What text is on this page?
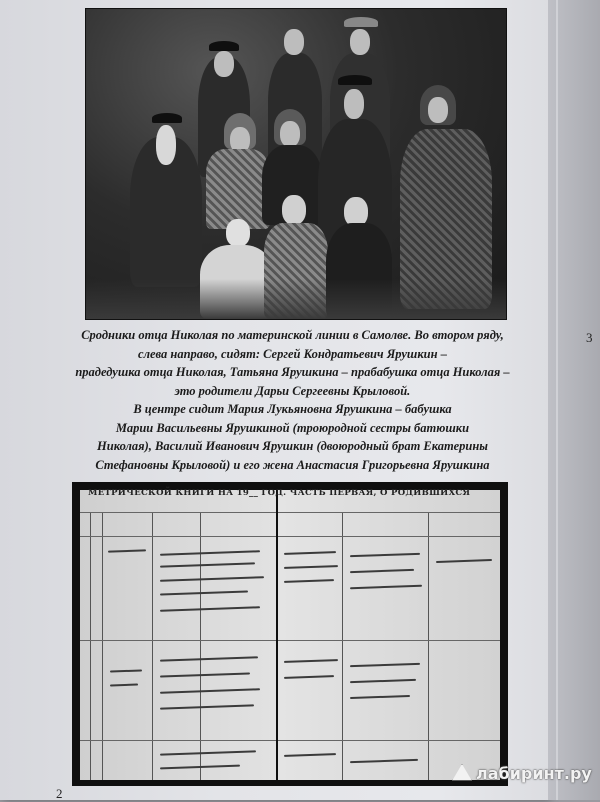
Сродники отца Николая по материнской линии в Самолве. Во втором ряду,
слева направо, сидят: Сергей Кондратьевич Ярушкин –
прадедушка отца Николая, Татьяна Ярушкина – прабабушка отца Николая –
это родители Дарьи Сергеевны Крыловой.
В центре сидит Мария Лукьяновна Ярушкина – бабушка
Марии Васильевны Ярушкиной (троюродной сестры батюшки
Николая), Василий Иванович Ярушкин (двоюродный брат Екатерины
Стефановны Крыловой) и его жена Анастасия Григорьевна Ярушкина
МЕТРИЧЕСКОЙ КНИГИ НА 19__ ГОД. ЧАСТЬ ПЕРВАЯ, О РОДИВШИХСЯ
2
3
лабиринт.ру
